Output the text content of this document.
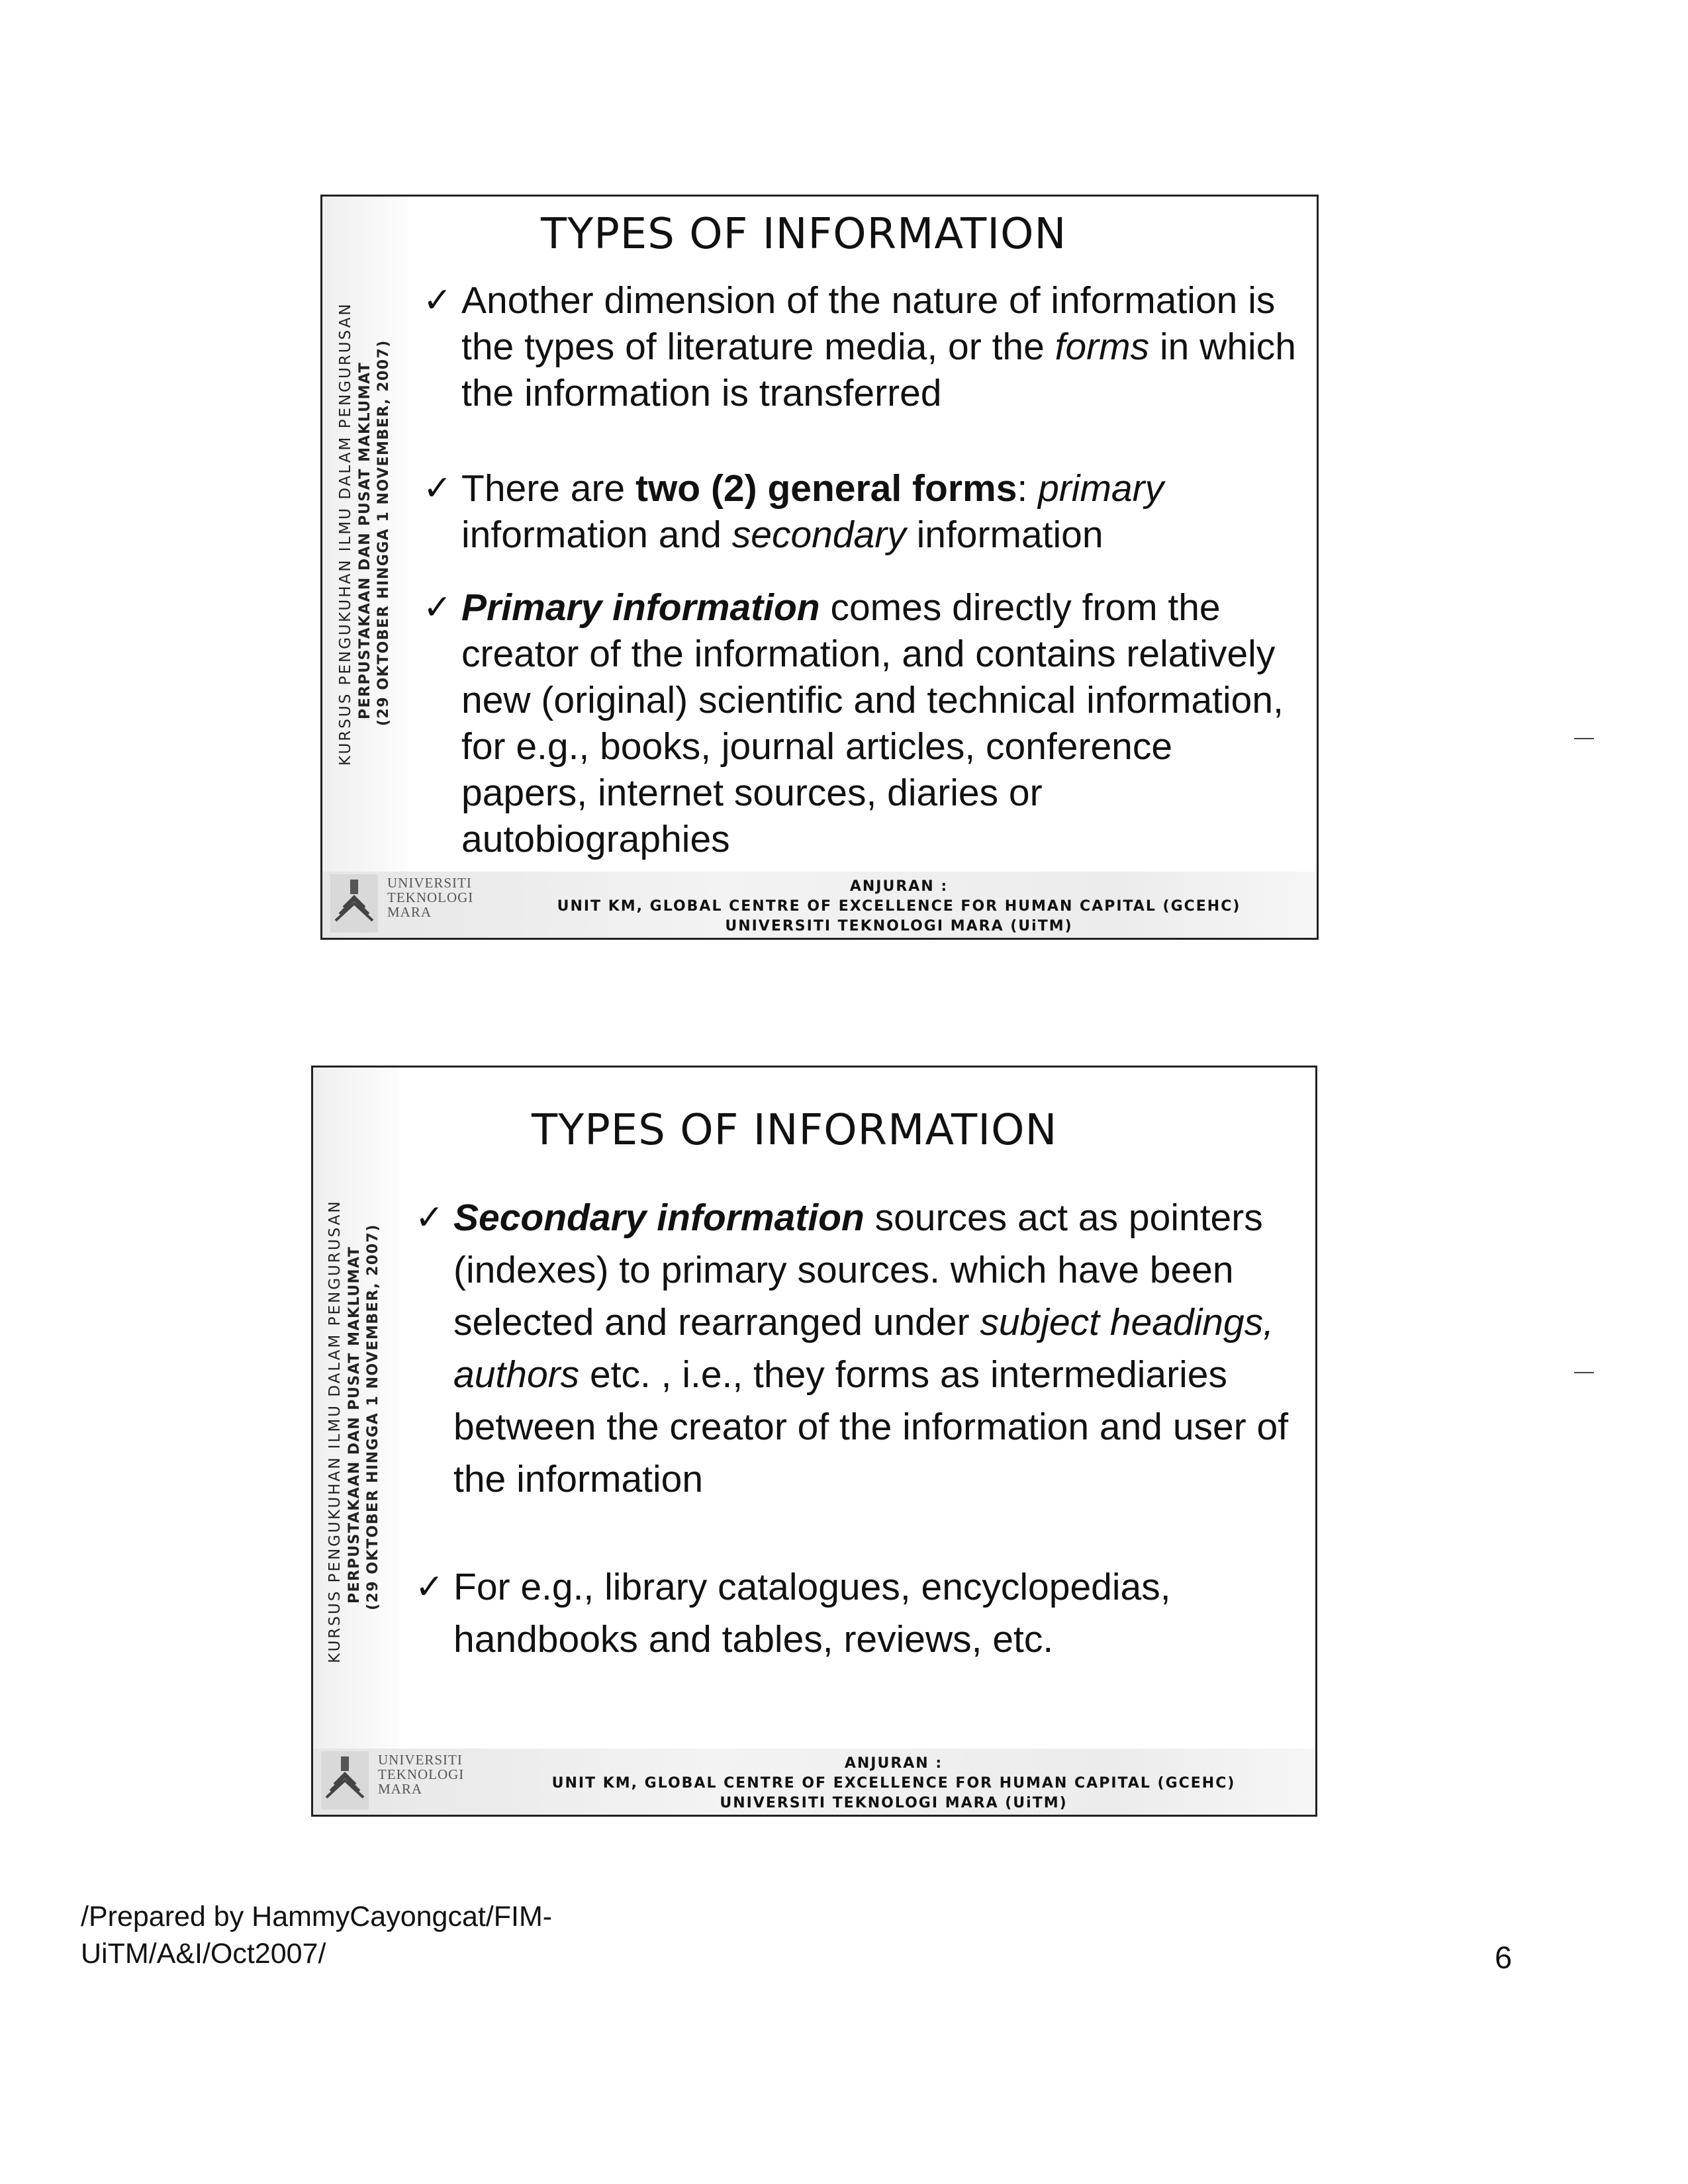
KURSUS PENGUKUHAN ILMU DALAM PENGURUSAN PERPUSTAKAAN DAN PUSAT MAKLUMAT (29 OKTOBER HINGGA 1 NOVEMBER, 2007)
TYPES OF INFORMATION
✓ Another dimension of the nature of information is the types of literature media, or the forms in which the information is transferred
✓ There are two (2) general forms: primary information and secondary information
✓ Primary information comes directly from the creator of the information, and contains relatively new (original) scientific and technical information, for e.g., books, journal articles, conference papers, internet sources, diaries or autobiographies
UNIVERSITI
TEKNOLOGI
MARA
ANJURAN :
UNIT KM, GLOBAL CENTRE OF EXCELLENCE FOR HUMAN CAPITAL (GCEHC)
UNIVERSITI TEKNOLOGI MARA (UiTM)
KURSUS PENGUKUHAN ILMU DALAM PENGURUSAN PERPUSTAKAAN DAN PUSAT MAKLUMAT (29 OKTOBER HINGGA 1 NOVEMBER, 2007)
TYPES OF INFORMATION
✓ Secondary information sources act as pointers (indexes) to primary sources. which have been selected and rearranged under subject headings, authors etc. , i.e., they forms as intermediaries between the creator of the information and user of the information
✓ For e.g., library catalogues, encyclopedias, handbooks and tables, reviews, etc.
UNIVERSITI
TEKNOLOGI
MARA
ANJURAN :
UNIT KM, GLOBAL CENTRE OF EXCELLENCE FOR HUMAN CAPITAL (GCEHC)
UNIVERSITI TEKNOLOGI MARA (UiTM)
/Prepared by HammyCayongcat/FIM-
UiTM/A&I/Oct2007/	6
